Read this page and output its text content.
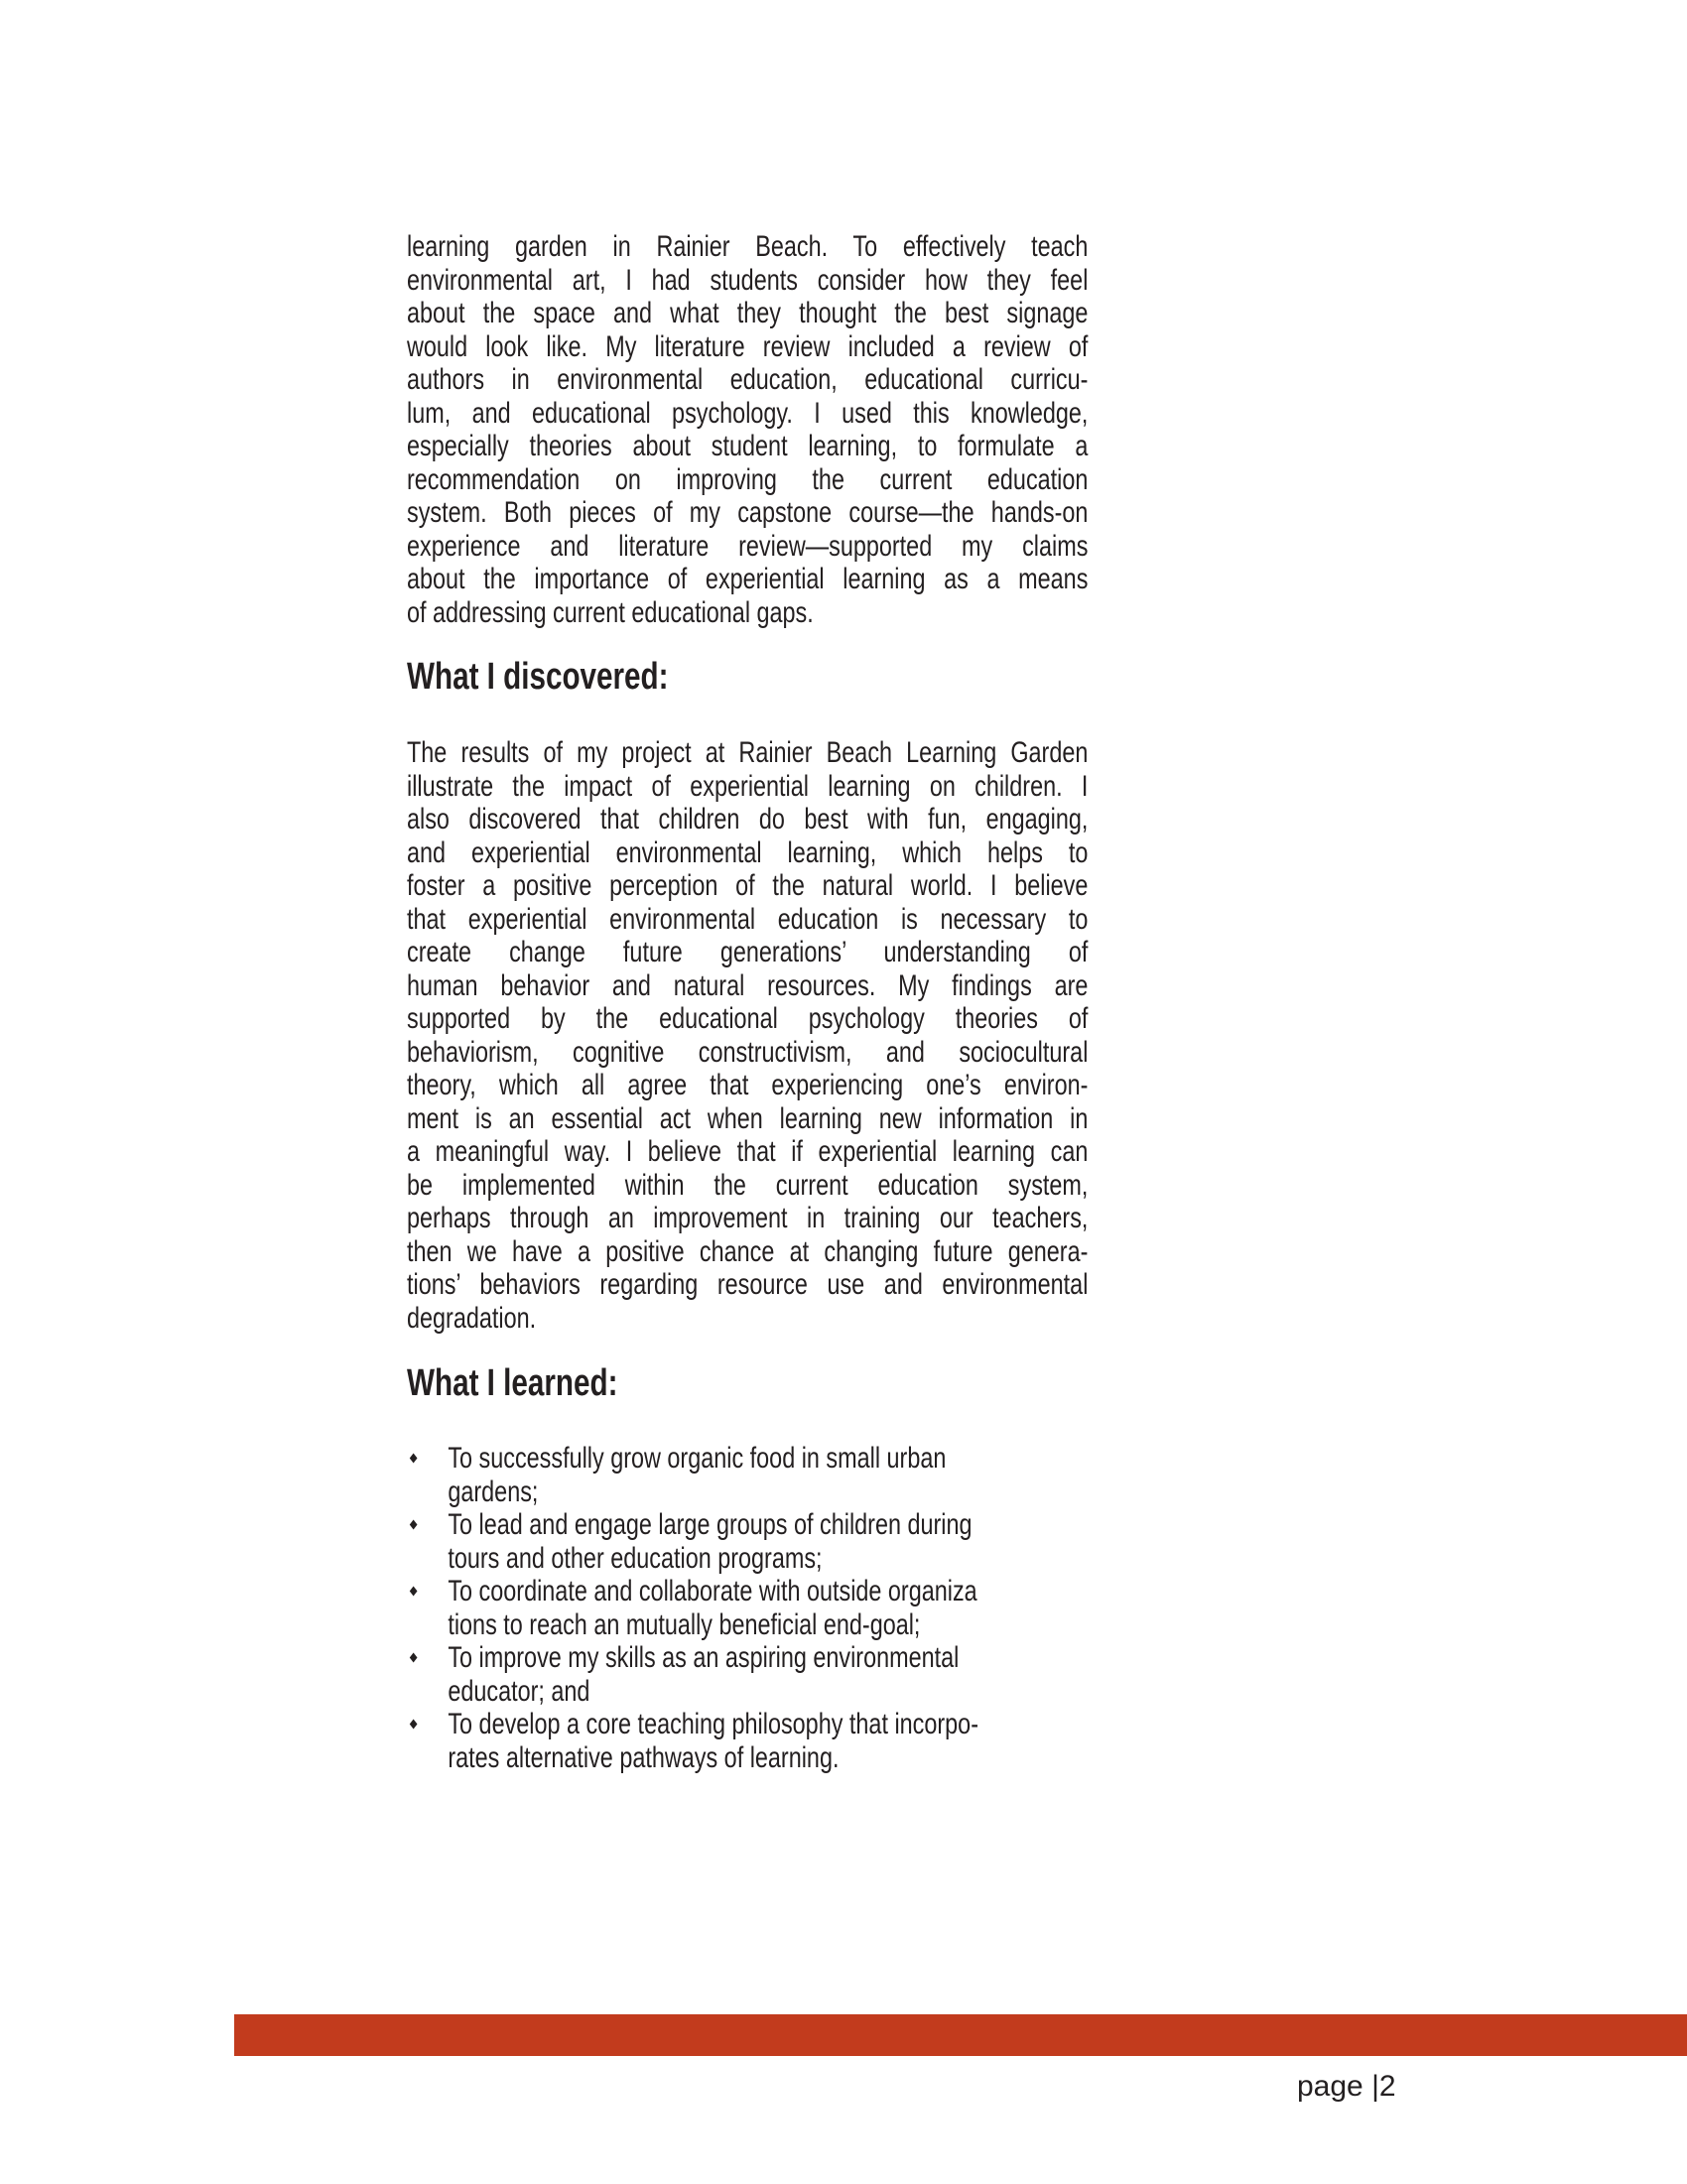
learning garden in Rainier Beach. To effectively teach
environmental art, I had students consider how they feel
about the space and what they thought the best signage
would look like. My literature review included a review of
authors in environmental education, educational curricu-
lum, and educational psychology. I used this knowledge,
especially theories about student learning, to formulate a
recommendation on improving the current education
system. Both pieces of my capstone course—the hands-on
experience and literature review—supported my claims
about the importance of experiential learning as a means
of addressing current educational gaps.
What I discovered:
The results of my project at Rainier Beach Learning Garden
illustrate the impact of experiential learning on children. I
also discovered that children do best with fun, engaging,
and experiential environmental learning, which helps to
foster a positive perception of the natural world. I believe
that experiential environmental education is necessary to
create change future generations’ understanding of
human behavior and natural resources. My findings are
supported by the educational psychology theories of
behaviorism, cognitive constructivism, and sociocultural
theory, which all agree that experiencing one’s environ-
ment is an essential act when learning new information in
a meaningful way. I believe that if experiential learning can
be implemented within the current education system,
perhaps through an improvement in training our teachers,
then we have a positive chance at changing future genera-
tions’ behaviors regarding resource use and environmental
degradation.
What I learned:
To successfully grow organic food in small urban
gardens;
To lead and engage large groups of children during
tours and other education programs;
To coordinate and collaborate with outside organiza
tions to reach an mutually beneficial end-goal;
To improve my skills as an aspiring environmental
educator; and
To develop a core teaching philosophy that incorpo-
rates alternative pathways of learning.
page |2
